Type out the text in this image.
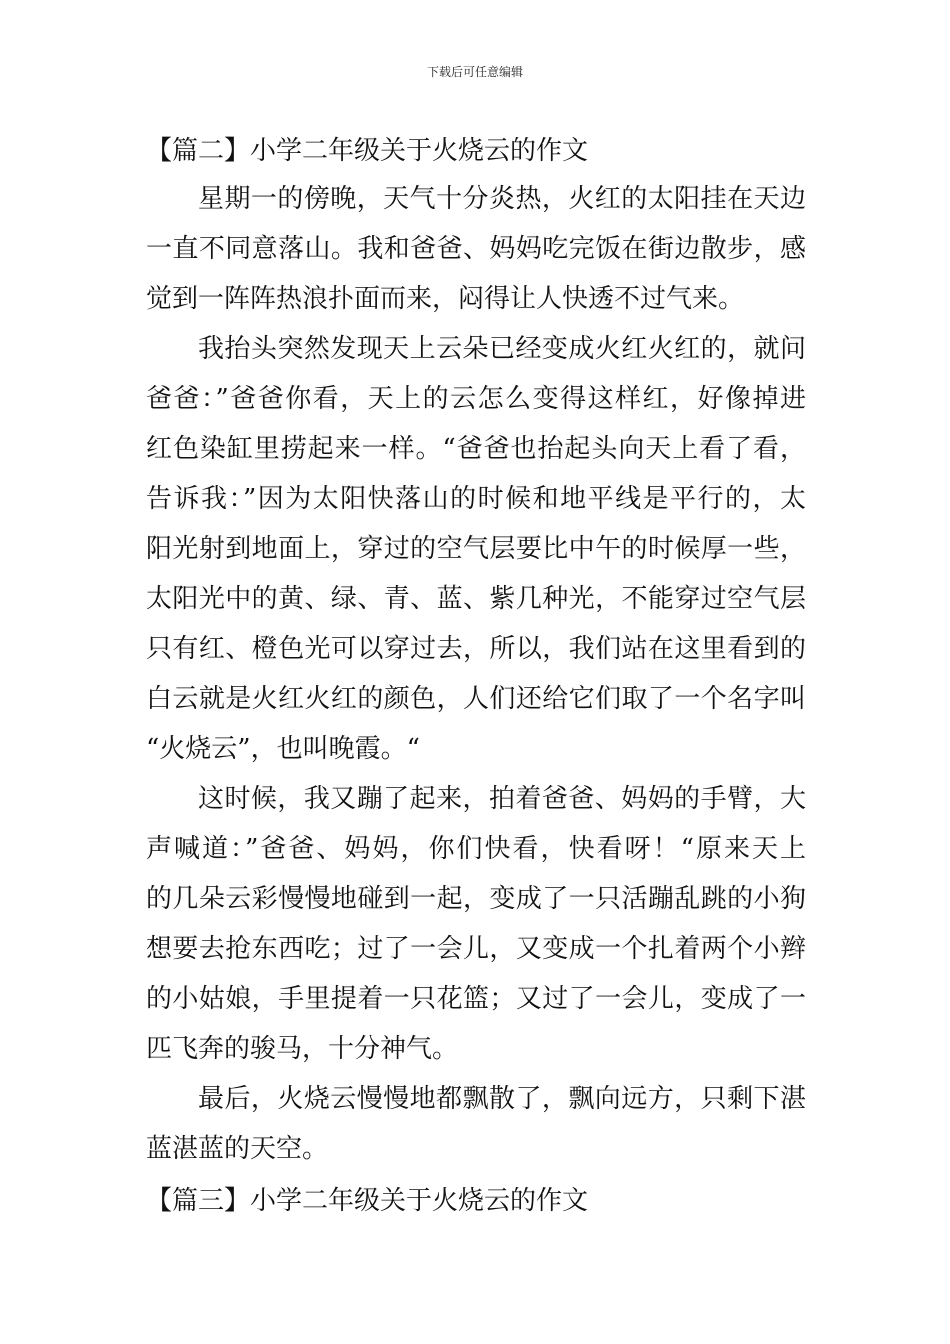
下载后可任意编辑
【篇二】小学二年级关于火烧云的作文
星期一的傍晚，天气十分炎热，火红的太阳挂在天边
一直不同意落山。我和爸爸、妈妈吃完饭在街边散步，感
觉到一阵阵热浪扑面而来，闷得让人快透不过气来。
我抬头突然发现天上云朵已经变成火红火红的，就问
爸爸：”爸爸你看，天上的云怎么变得这样红，好像掉进
红色染缸里捞起来一样。“爸爸也抬起头向天上看了看，
告诉我：”因为太阳快落山的时候和地平线是平行的，太
阳光射到地面上，穿过的空气层要比中午的时候厚一些，
太阳光中的黄、绿、青、蓝、紫几种光，不能穿过空气层
只有红、橙色光可以穿过去，所以，我们站在这里看到的
白云就是火红火红的颜色，人们还给它们取了一个名字叫
“火烧云”，也叫晚霞。“
这时候，我又蹦了起来，拍着爸爸、妈妈的手臂，大
声喊道：”爸爸、妈妈，你们快看，快看呀！“原来天上
的几朵云彩慢慢地碰到一起，变成了一只活蹦乱跳的小狗
想要去抢东西吃；过了一会儿，又变成一个扎着两个小辫
的小姑娘，手里提着一只花篮；又过了一会儿，变成了一
匹飞奔的骏马，十分神气。
最后，火烧云慢慢地都飘散了，飘向远方，只剩下湛
蓝湛蓝的天空。
【篇三】小学二年级关于火烧云的作文
